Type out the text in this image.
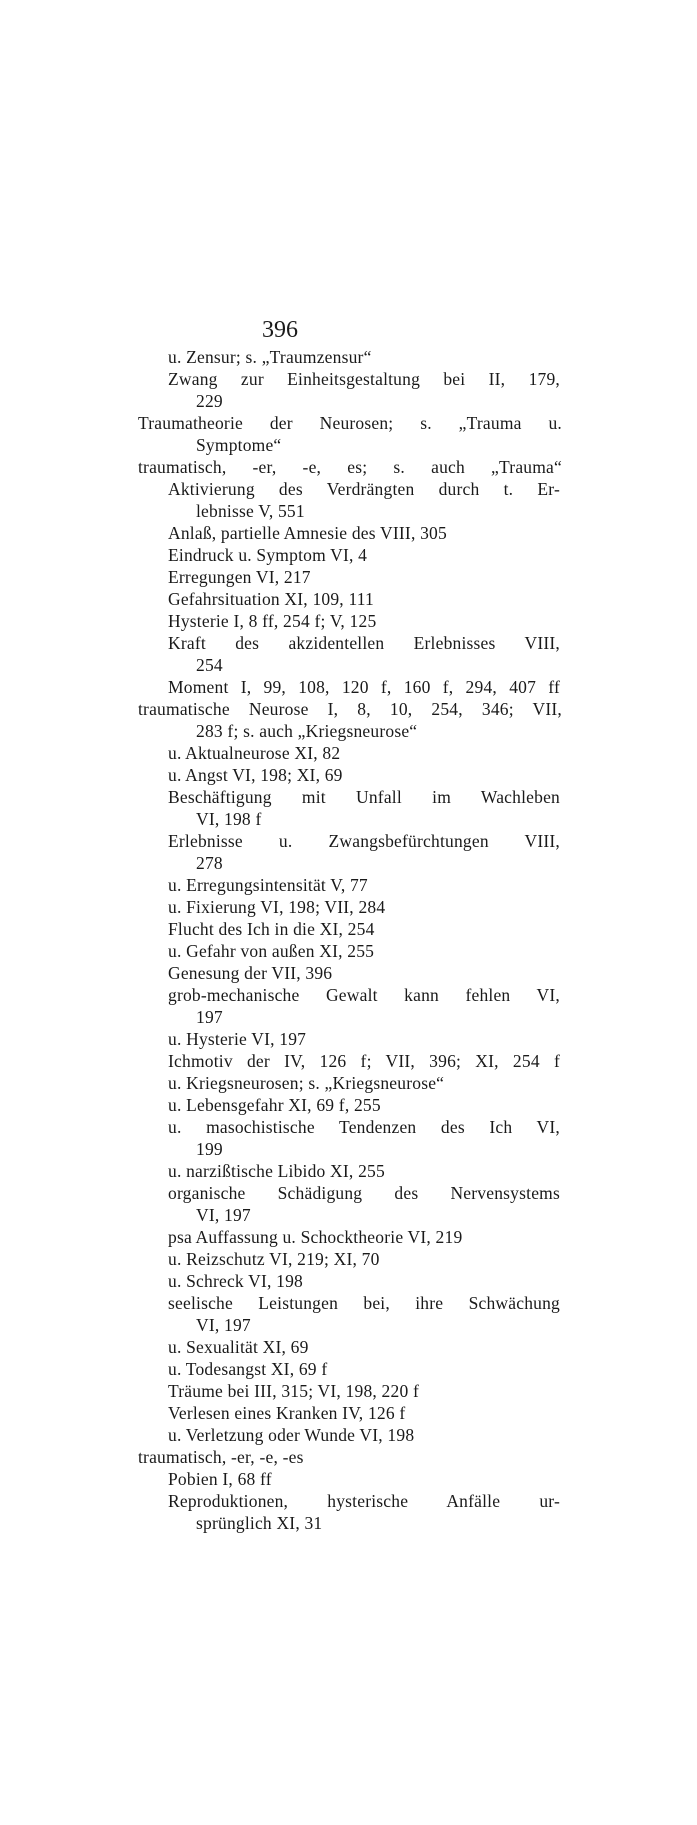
396
u. Zensur; s. „Traumzensur“
Zwang zur Einheitsgestaltung bei II, 179,
229
Traumatheorie der Neurosen; s. „Trauma u.
Symptome“
traumatisch, -er, -e, es; s. auch „Trauma“
Aktivierung des Verdrängten durch t. Er-
lebnisse V, 551
Anlaß, partielle Amnesie des VIII, 305
Eindruck u. Symptom VI, 4
Erregungen VI, 217
Gefahrsituation XI, 109, 111
Hysterie I, 8 ff, 254 f; V, 125
Kraft des akzidentellen Erlebnisses VIII,
254
Moment I, 99, 108, 120 f, 160 f, 294, 407 ff
traumatische Neurose I, 8, 10, 254, 346; VII,
283 f; s. auch „Kriegsneurose“
u. Aktualneurose XI, 82
u. Angst VI, 198; XI, 69
Beschäftigung mit Unfall im Wachleben
VI, 198 f
Erlebnisse u. Zwangsbefürchtungen VIII,
278
u. Erregungsintensität V, 77
u. Fixierung VI, 198; VII, 284
Flucht des Ich in die XI, 254
u. Gefahr von außen XI, 255
Genesung der VII, 396
grob-mechanische Gewalt kann fehlen VI,
197
u. Hysterie VI, 197
Ichmotiv der IV, 126 f; VII, 396; XI, 254 f
u. Kriegsneurosen; s. „Kriegsneurose“
u. Lebensgefahr XI, 69 f, 255
u. masochistische Tendenzen des Ich VI,
199
u. narzißtische Libido XI, 255
organische Schädigung des Nervensystems
VI, 197
psa Auffassung u. Schocktheorie VI, 219
u. Reizschutz VI, 219; XI, 70
u. Schreck VI, 198
seelische Leistungen bei, ihre Schwächung
VI, 197
u. Sexualität XI, 69
u. Todesangst XI, 69 f
Träume bei III, 315; VI, 198, 220 f
Verlesen eines Kranken IV, 126 f
u. Verletzung oder Wunde VI, 198
traumatisch, -er, -e, -es
Pobien I, 68 ff
Reproduktionen, hysterische Anfälle ur-
sprünglich XI, 31
